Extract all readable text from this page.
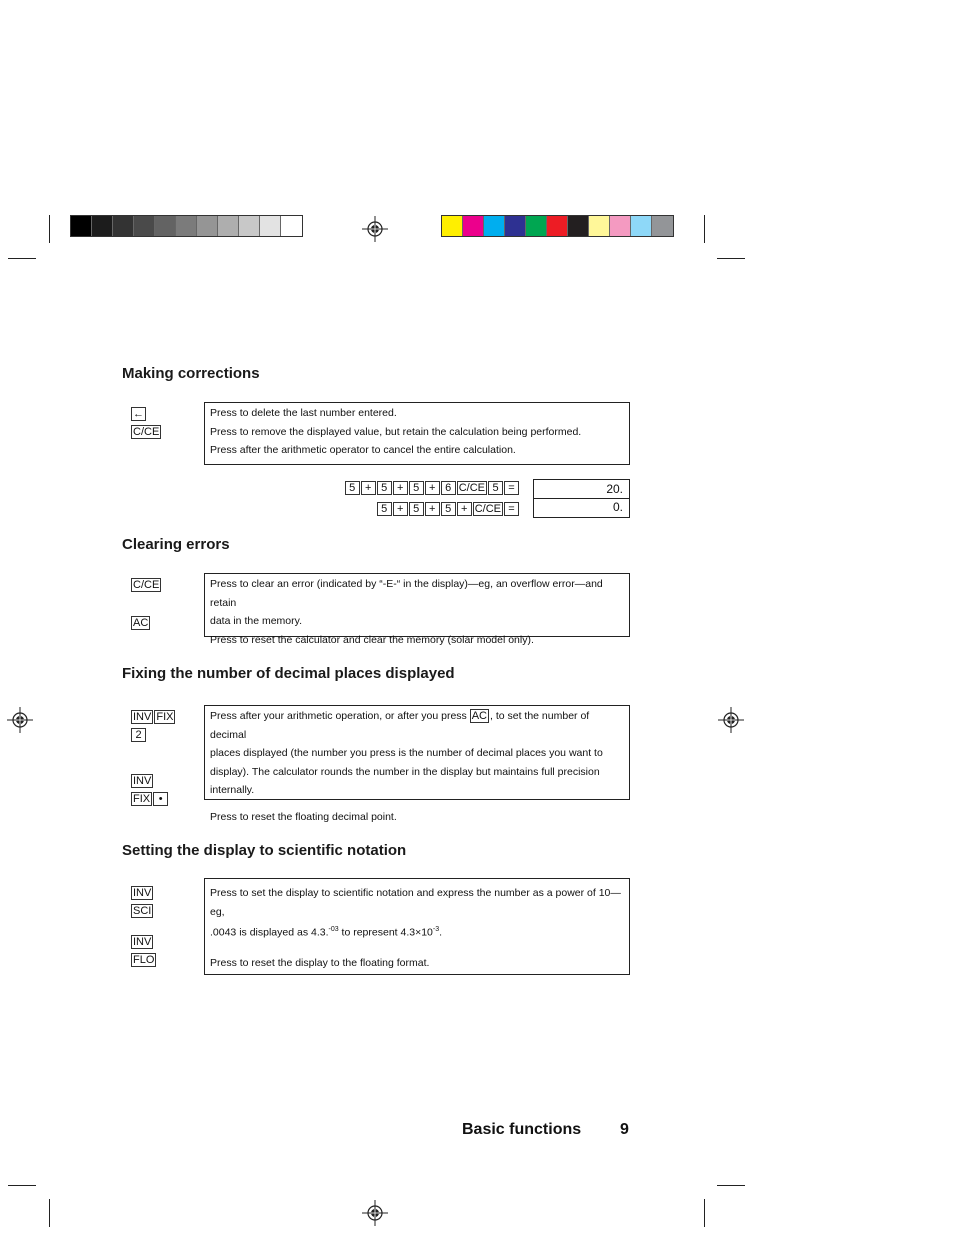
Making corrections
←
C/CE

Press to delete the last number entered.

Press to remove the displayed value, but retain the calculation being performed.

Press after the arithmetic operator to cancel the entire calculation.

5 + 5 + 5 + 6 C/CE 5 =	20.
5 + 5 + 5 + C/CE =	0.
Clearing errors
C/CE
AC

Press to clear an error (indicated by “-E-“ in the display)—eg, an overflow error—and retain

data in the memory.

Press to reset the calculator and clear the memory (solar model only).

Fixing the number of decimal places displayed
INV FIX
2
INV
FIX •

Press after your arithmetic operation, or after you press AC , to set the number of decimal

places displayed (the number you press is the number of decimal places you want to

display). The calculator rounds the number in the display but maintains full precision internally.

Press to reset the floating decimal point.

Setting the display to scientific notation
INV
SCI
INV
FLO

Press to set the display to scientific notation and express the number as a power of 10—eg,

.0043 is displayed as 4.3.$^{-03}$ to represent $4.3\times 10^{-3}$.

Press to reset the display to the floating format.

Basic functions 9
